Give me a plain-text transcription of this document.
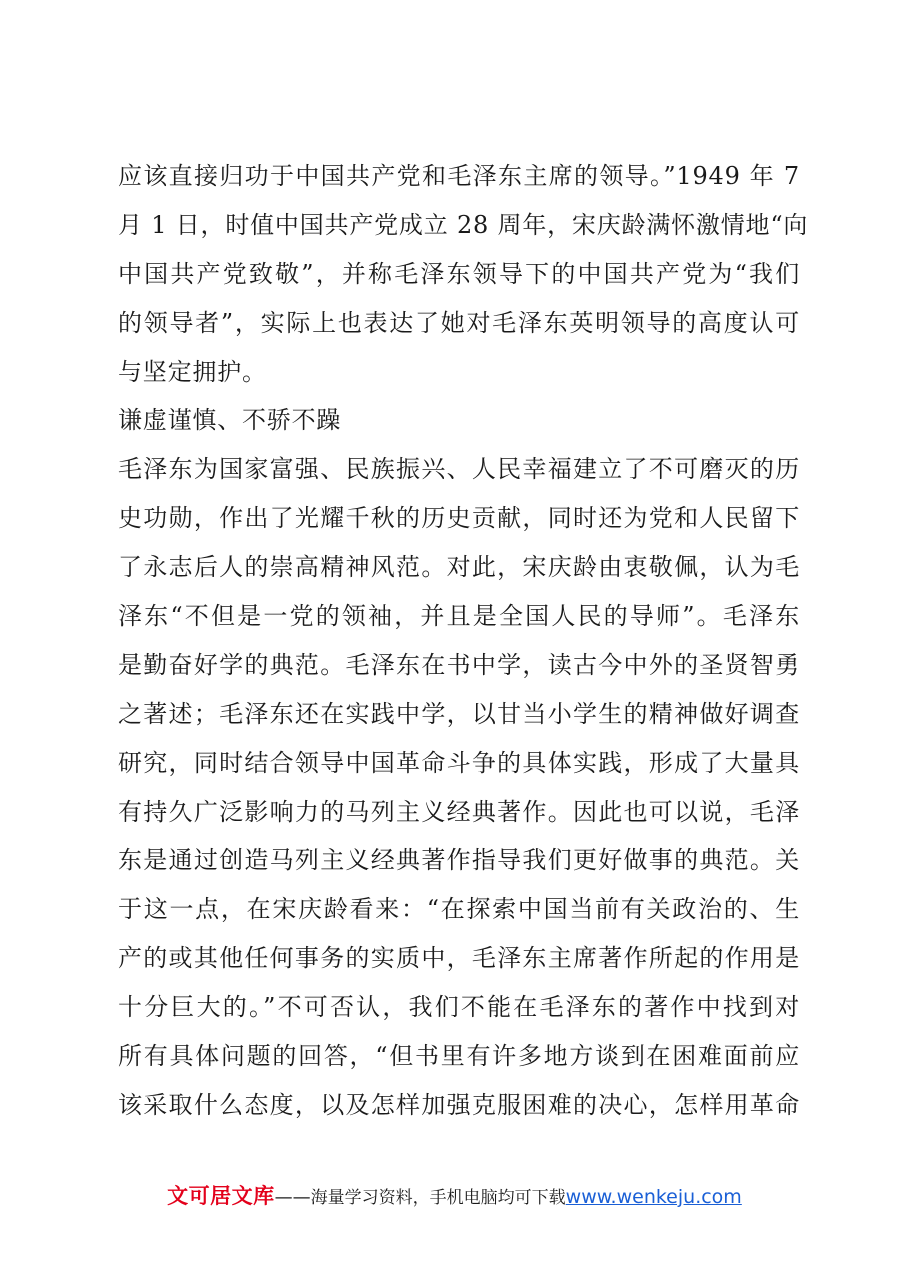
应该直接归功于中国共产党和毛泽东主席的领导。”1949 年 7
月 1 日，时值中国共产党成立 28 周年，宋庆龄满怀激情地“向
中国共产党致敬”，并称毛泽东领导下的中国共产党为“我们
的领导者”，实际上也表达了她对毛泽东英明领导的高度认可
与坚定拥护。
谦虚谨慎、不骄不躁
毛泽东为国家富强、民族振兴、人民幸福建立了不可磨灭的历
史功勋，作出了光耀千秋的历史贡献，同时还为党和人民留下
了永志后人的崇高精神风范。对此，宋庆龄由衷敬佩，认为毛
泽东“不但是一党的领袖，并且是全国人民的导师”。毛泽东
是勤奋好学的典范。毛泽东在书中学，读古今中外的圣贤智勇
之著述；毛泽东还在实践中学，以甘当小学生的精神做好调查
研究，同时结合领导中国革命斗争的具体实践，形成了大量具
有持久广泛影响力的马列主义经典著作。因此也可以说，毛泽
东是通过创造马列主义经典著作指导我们更好做事的典范。关
于这一点，在宋庆龄看来：“在探索中国当前有关政治的、生
产的或其他任何事务的实质中，毛泽东主席著作所起的作用是
十分巨大的。”不可否认，我们不能在毛泽东的著作中找到对
所有具体问题的回答，“但书里有许多地方谈到在困难面前应
该采取什么态度，以及怎样加强克服困难的决心，怎样用革命
文可居文库——海量学习资料，手机电脑均可下载www.wenkeju.com
